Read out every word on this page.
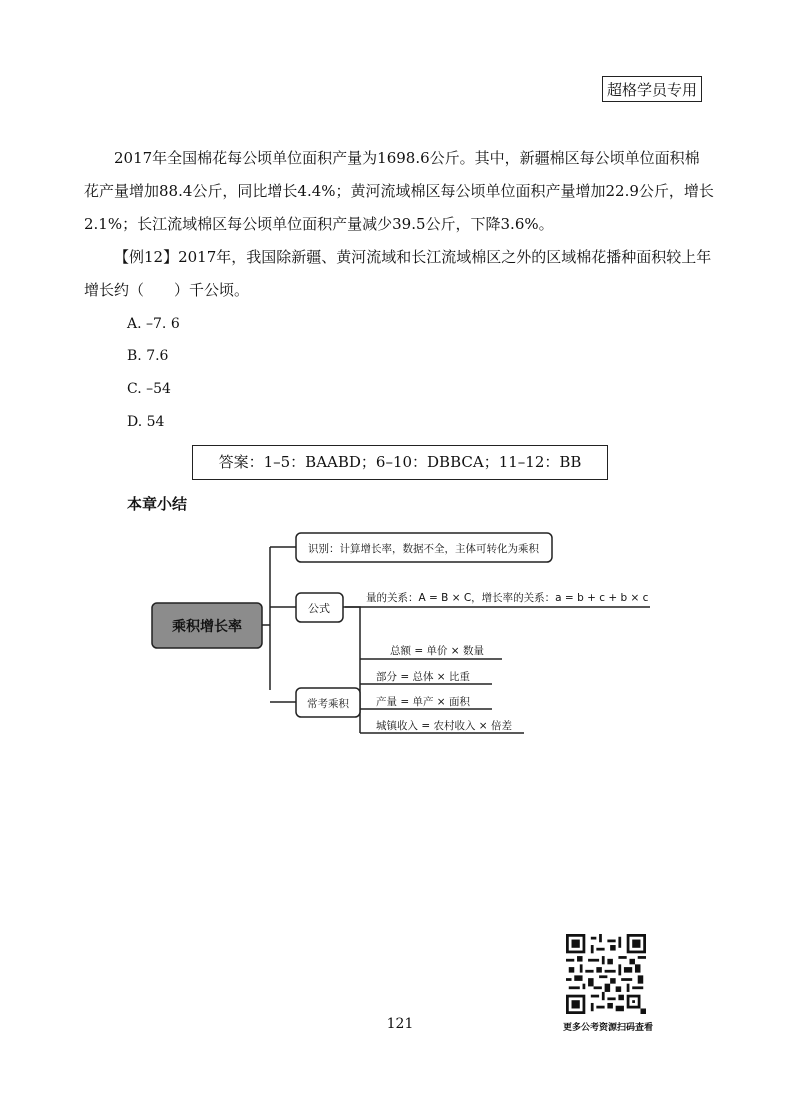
超格学员专用

2017年全国棉花每公顷单位面积产量为1698.6公斤。其中，新疆棉区每公顷单位面积棉花产量增加88.4公斤，同比增长4.4%；黄河流域棉区每公顷单位面积产量增加22.9公斤，增长2.1%；长江流域棉区每公顷单位面积产量减少39.5公斤，下降3.6%。

【例12】2017年，我国除新疆、黄河流域和长江流域棉区之外的区域棉花播种面积较上年增长约（　　）千公顷。

A. –7. 6
B. 7.6
C. –54
D. 54
答案：1–5：BAABD；6–10：DBBCA；11–12：BB
本章小结
乘积增长率
识别：计算增长率，数据不全，主体可转化为乘积
公式
量的关系：A = B × C，增长率的关系：a = b + c + b × c
常考乘积
总额 = 单价 × 数量
部分 = 总体 × 比重
产量 = 单产 × 面积
城镇收入 = 农村收入 × 倍差
121	更多公考资源扫码查看
